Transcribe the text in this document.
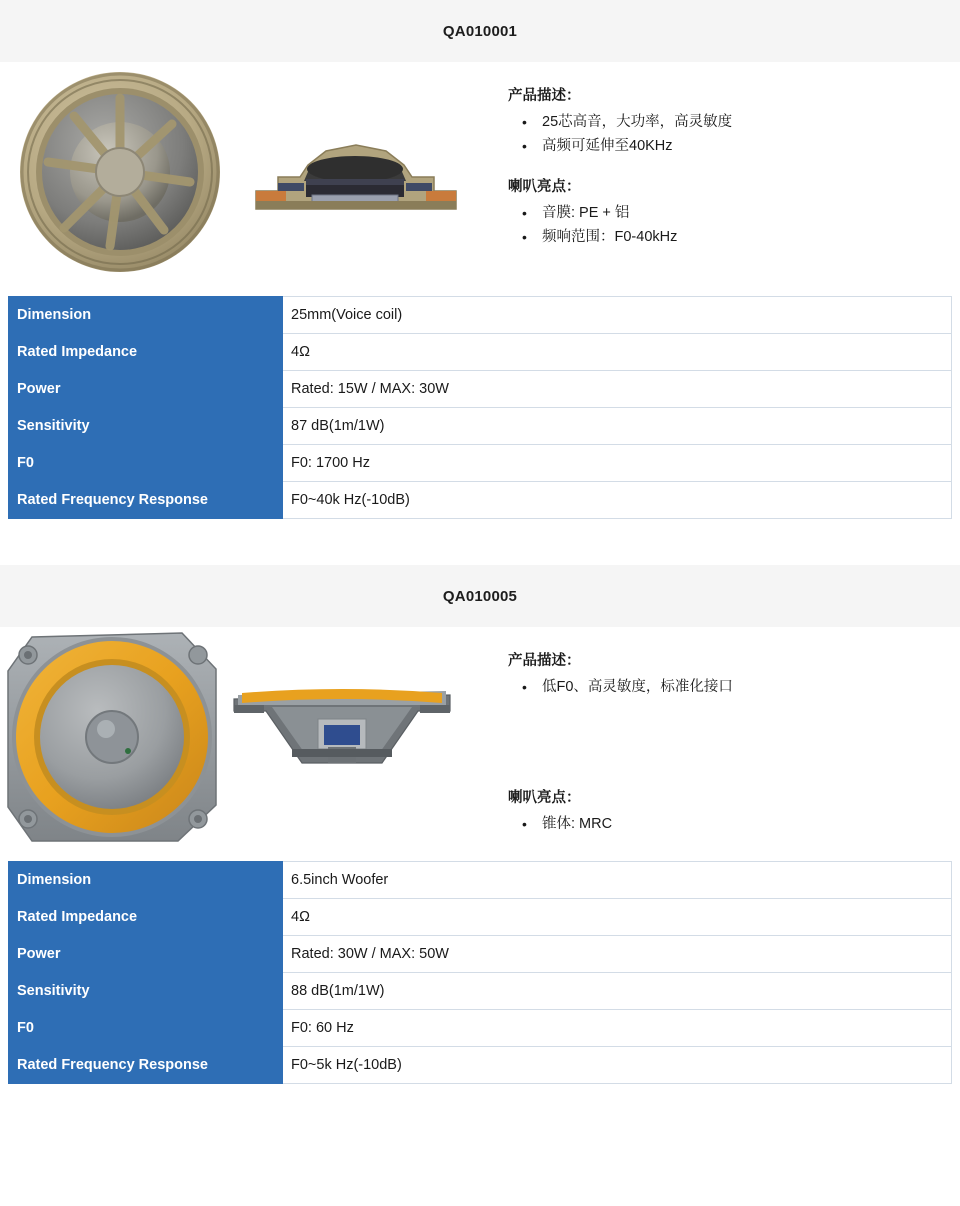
QA010001
产品描述：
• 25芯高音，大功率，高灵敏度
• 高频可延伸至40KHz
喇叭亮点：
• 音膜: PE + 铝
• 频响范围：F0-40kHz
Dimension	25mm(Voice coil)
Rated Impedance	4Ω
Power	Rated: 15W / MAX: 30W
Sensitivity	87 dB(1m/1W)
F0	F0: 1700 Hz
Rated Frequency Response	F0~40k Hz(-10dB)
QA010005
产品描述：
• 低F0、高灵敏度，标准化接口
喇叭亮点：
• 锥体: MRC
Dimension	6.5inch Woofer
Rated Impedance	4Ω
Power	Rated: 30W / MAX: 50W
Sensitivity	88 dB(1m/1W)
F0	F0: 60 Hz
Rated Frequency Response	F0~5k Hz(-10dB)
